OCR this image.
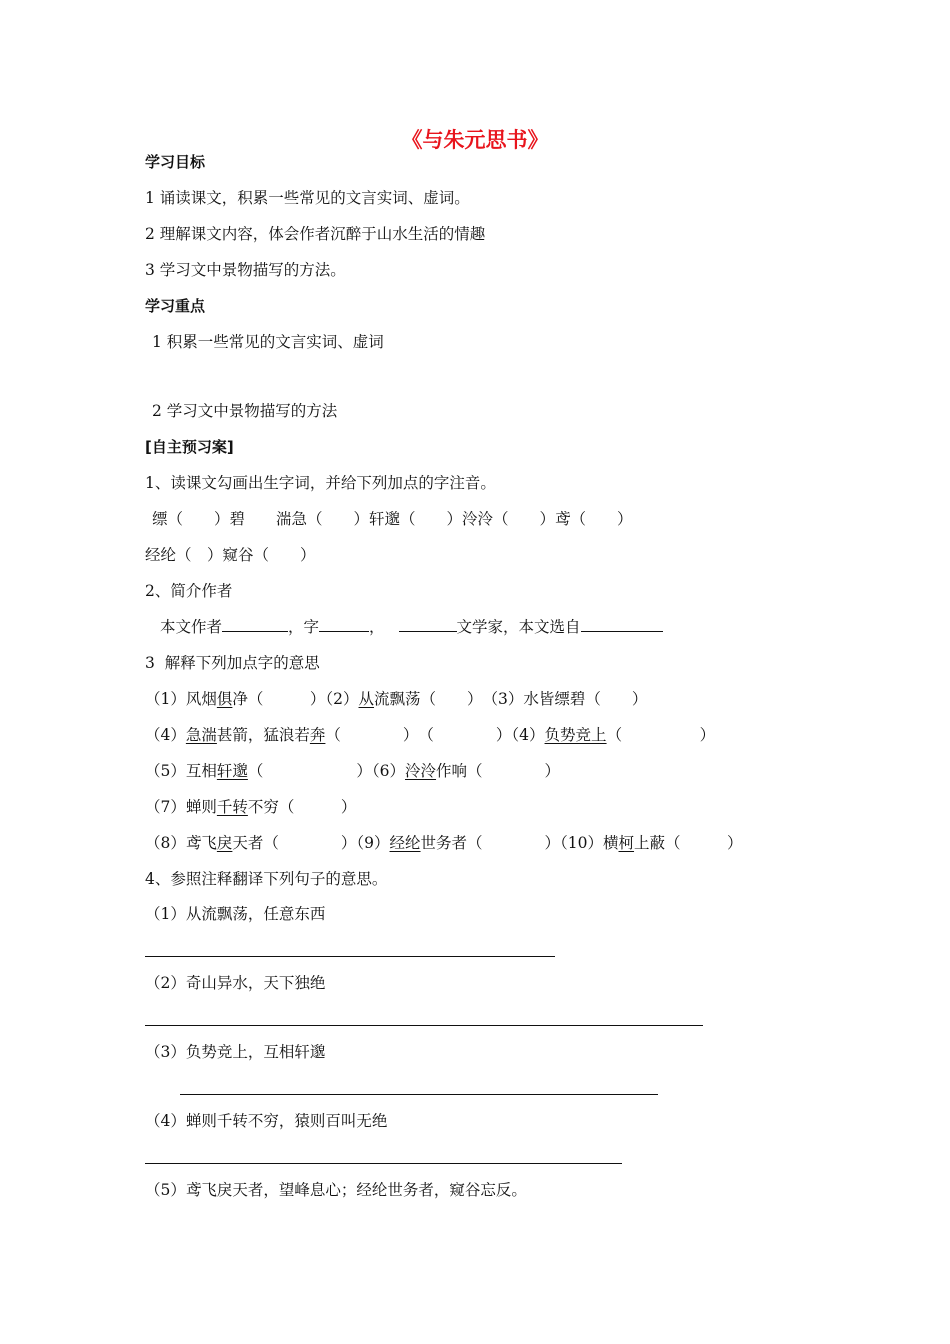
《与朱元思书》
学习目标
1 诵读课文，积累一些常见的文言实词、虚词。
2 理解课文内容，体会作者沉醉于山水生活的情趣
3 学习文中景物描写的方法。
学习重点
1 积累一些常见的文言实词、虚词
2 学习文中景物描写的方法
[自主预习案]
1、读课文勾画出生字词，并给下列加点的字注音。
缥（　　）碧　　湍急（　　）轩邈（　　）泠泠（　　）鸢（　　）
经纶（　）窥谷（　　）
2、简介作者
本文作者	，字	，	文学家，本文选自
3  解释下列加点字的意思
（1）风烟俱净（　　　）（2）从流飘荡（　　）　（3）水皆缥碧（　　）
（4）急湍甚箭，猛浪若奔（　　　　）　（　　　　）（4）负势竞上（　　　　　）
（5）互相轩邈（　　　　　　）（6）泠泠作响（　　　　）
（7）蝉则千转不穷（　　　）
（8）鸢飞戾天者（　　　　）（9）经纶世务者（　　　　）（10）横柯上蔽（　　　）
4、参照注释翻译下列句子的意思。
（1）从流飘荡，任意东西
（2）奇山异水，天下独绝
（3）负势竞上，互相轩邈
（4）蝉则千转不穷，猿则百叫无绝
（5）鸢飞戾天者，望峰息心；经纶世务者，窥谷忘反。
